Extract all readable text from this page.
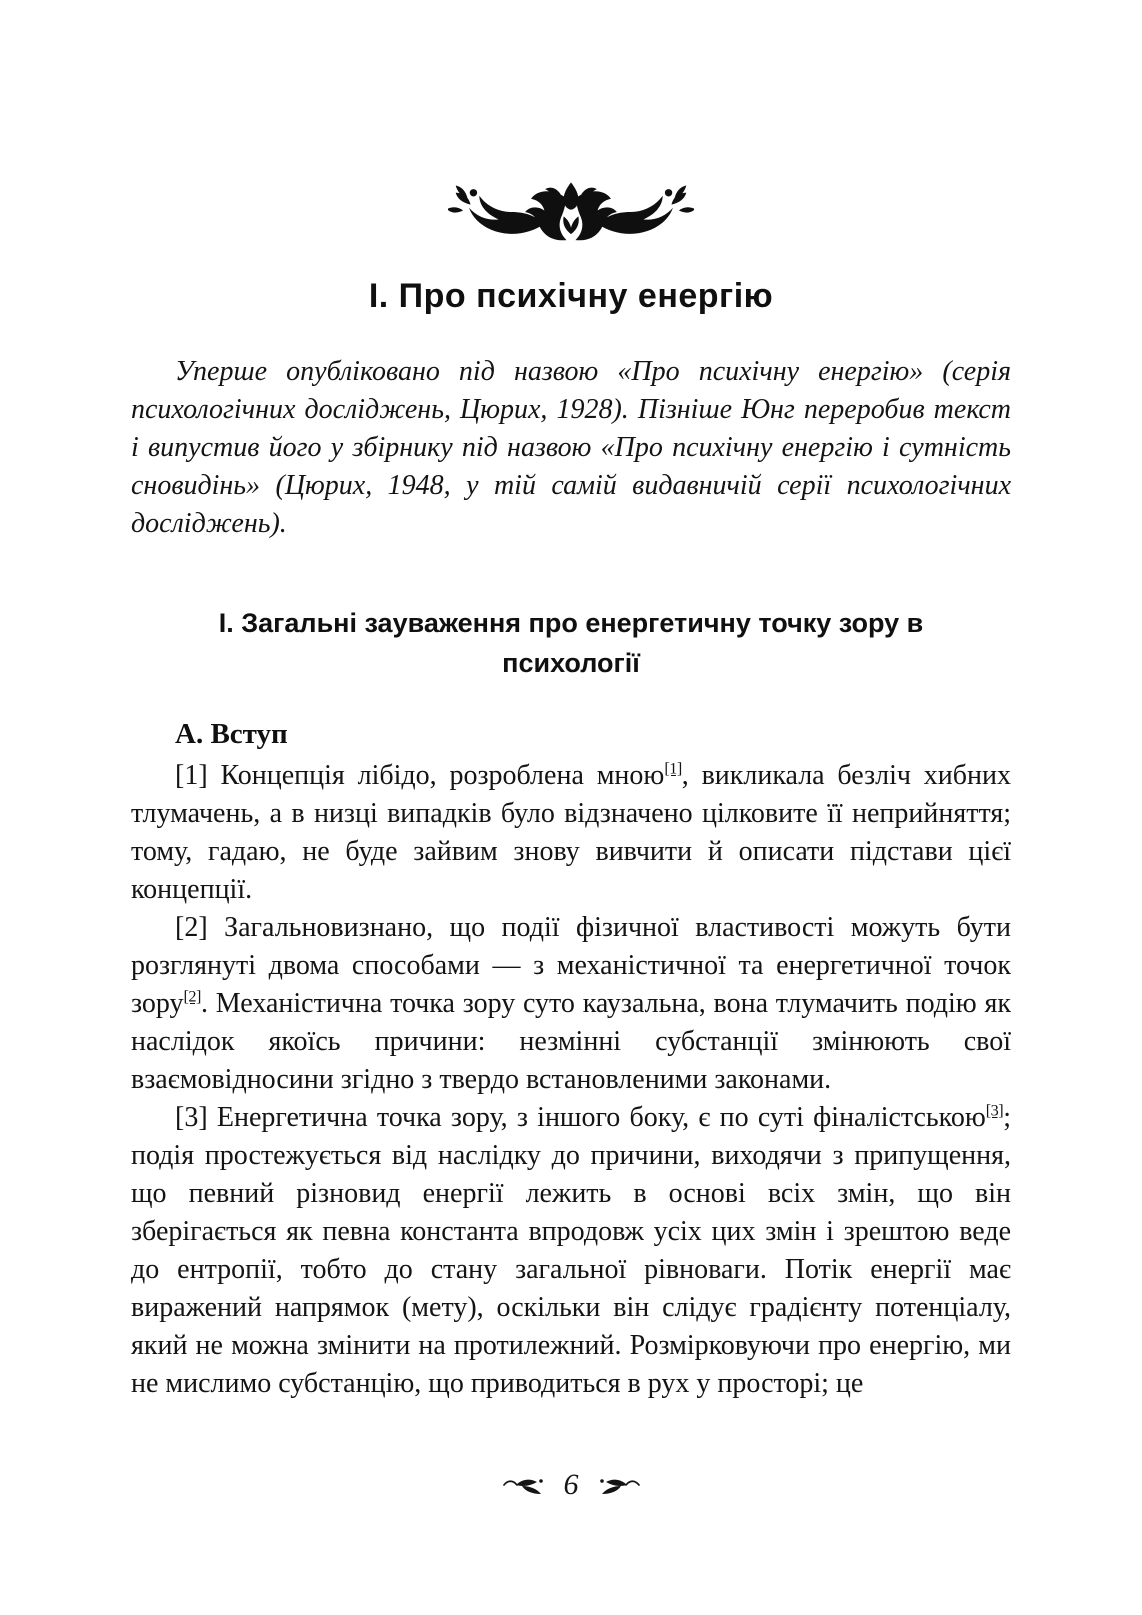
І. Про психічну енергію

Уперше опубліковано під назвою «Про психічну енергію» (серія психологічних досліджень, Цюрих, 1928). Пізніше Юнг переробив текст і випустив його у збірнику під назвою «Про психічну енергію і сутність сновидінь» (Цюрих, 1948, у тій самій видавничій серії психологічних досліджень).

І. Загальні зауваження про енергетичну точку зору в психології
А. Вступ

[1] Концепція лібідо, розроблена мною[1], викликала безліч хибних тлумачень, а в низці випадків було відзначено цілковите її неприйняття; тому, гадаю, не буде зайвим знову вивчити й описати підстави цієї концепції.

[2] Загальновизнано, що події фізичної властивості можуть бути розглянуті двома способами — з механістичної та енергетичної точок зору[2]. Механістична точка зору суто каузальна, вона тлумачить подію як наслідок якоїсь причини: незмінні субстанції змінюють свої взаємовідносини згідно з твердо встановленими законами.

[3] Енергетична точка зору, з іншого боку, є по суті фіналістською[3]; подія простежується від наслідку до причини, виходячи з припущення, що певний різновид енергії лежить в основі всіх змін, що він зберігається як певна константа впродовж усіх цих змін і зрештою веде до ентропії, тобто до стану загальної рівноваги. Потік енергії має виражений напрямок (мету), оскільки він слідує градієнту потенціалу, який не можна змінити на протилежний. Розмірковуючи про енергію, ми не мислимо субстанцію, що приводиться в рух у просторі; це

6
